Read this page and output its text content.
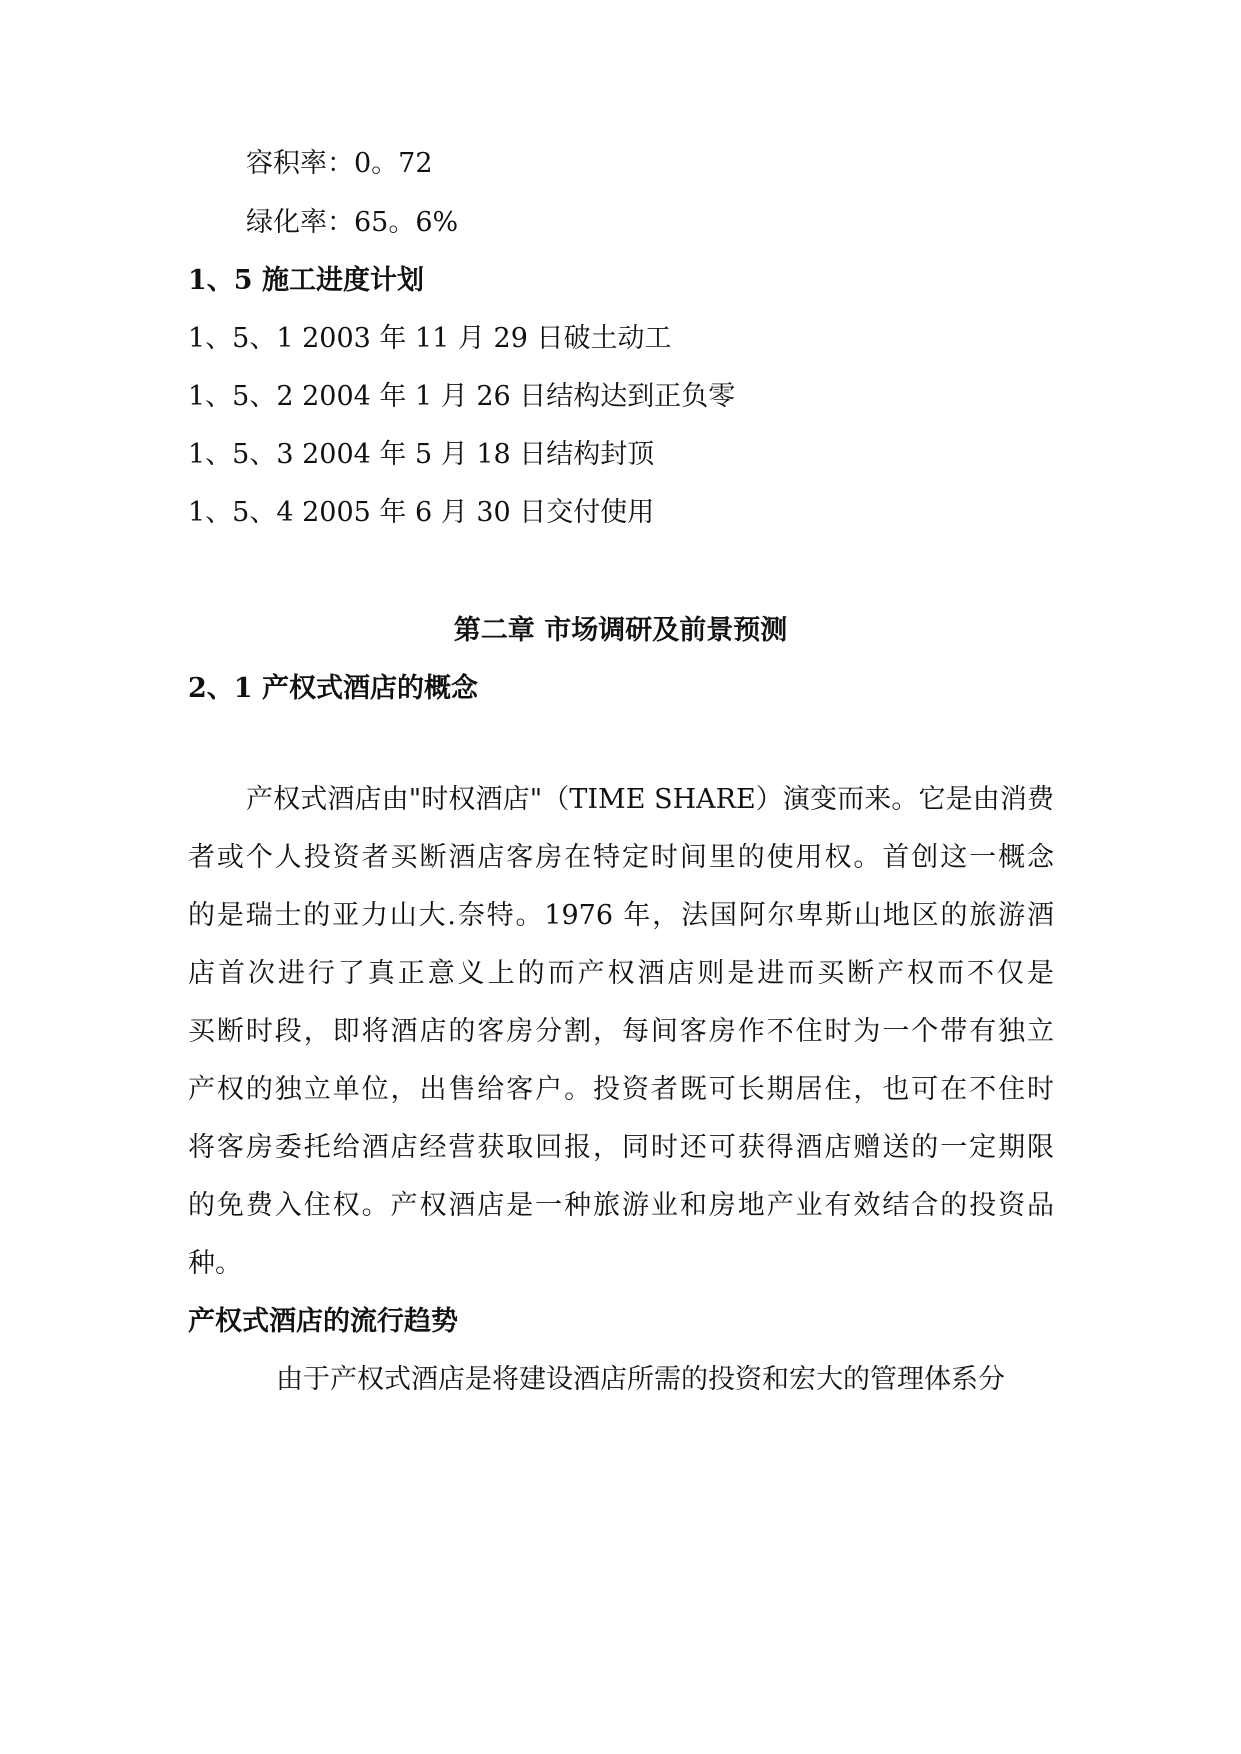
容积率：0。72
绿化率：65。6%
1、5 施工进度计划
1、5、1 2003 年 11 月 29 日破土动工
1、5、2 2004 年 1 月 26 日结构达到正负零
1、5、3 2004 年 5 月 18 日结构封顶
1、5、4 2005 年 6 月 30 日交付使用
第二章 市场调研及前景预测
2、1 产权式酒店的概念
产权式酒店由"时权酒店"（TIME SHARE）演变而来。它是由消费
者或个人投资者买断酒店客房在特定时间里的使用权。首创这一概念
的是瑞士的亚力山大.奈特。1976 年，法国阿尔卑斯山地区的旅游酒
店首次进行了真正意义上的而产权酒店则是进而买断产权而不仅是
买断时段，即将酒店的客房分割，每间客房作不住时为一个带有独立
产权的独立单位，出售给客户。投资者既可长期居住，也可在不住时
将客房委托给酒店经营获取回报，同时还可获得酒店赠送的一定期限
的免费入住权。产权酒店是一种旅游业和房地产业有效结合的投资品
种。
产权式酒店的流行趋势
由于产权式酒店是将建设酒店所需的投资和宏大的管理体系分
